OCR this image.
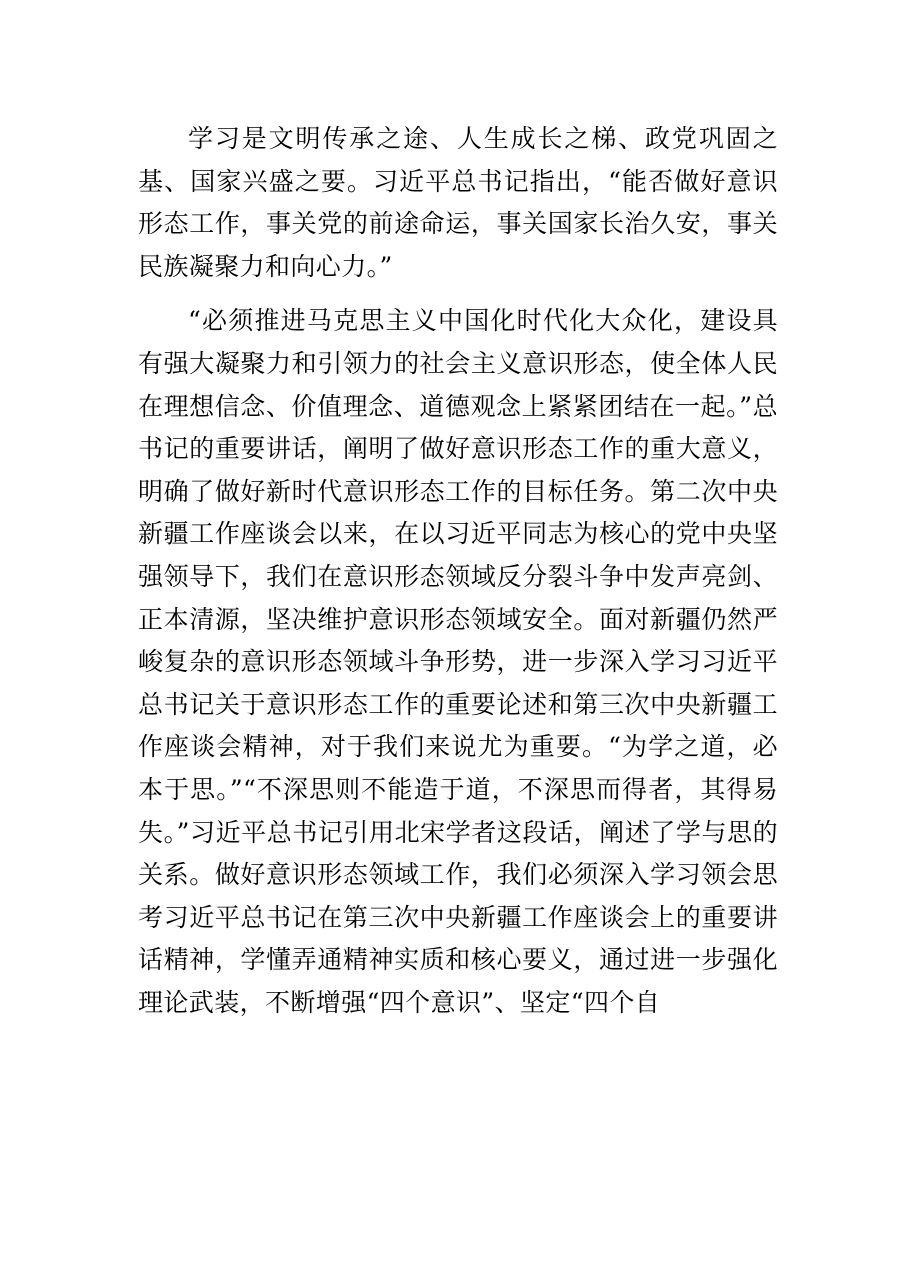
学习是文明传承之途、人生成长之梯、政党巩固之基、国家兴盛之要。习近平总书记指出，“能否做好意识形态工作，事关党的前途命运，事关国家长治久安，事关民族凝聚力和向心力。”

“必须推进马克思主义中国化时代化大众化，建设具有强大凝聚力和引领力的社会主义意识形态，使全体人民在理想信念、价值理念、道德观念上紧紧团结在一起。”总书记的重要讲话，阐明了做好意识形态工作的重大意义，明确了做好新时代意识形态工作的目标任务。第二次中央新疆工作座谈会以来，在以习近平同志为核心的党中央坚强领导下，我们在意识形态领域反分裂斗争中发声亮剑、正本清源，坚决维护意识形态领域安全。面对新疆仍然严峻复杂的意识形态领域斗争形势，进一步深入学习习近平总书记关于意识形态工作的重要论述和第三次中央新疆工作座谈会精神，对于我们来说尤为重要。“为学之道，必本于思。”“不深思则不能造于道，不深思而得者，其得易失。”习近平总书记引用北宋学者这段话，阐述了学与思的关系。做好意识形态领域工作，我们必须深入学习领会思考习近平总书记在第三次中央新疆工作座谈会上的重要讲话精神，学懂弄通精神实质和核心要义，通过进一步强化理论武装，不断增强“四个意识”、坚定“四个自
